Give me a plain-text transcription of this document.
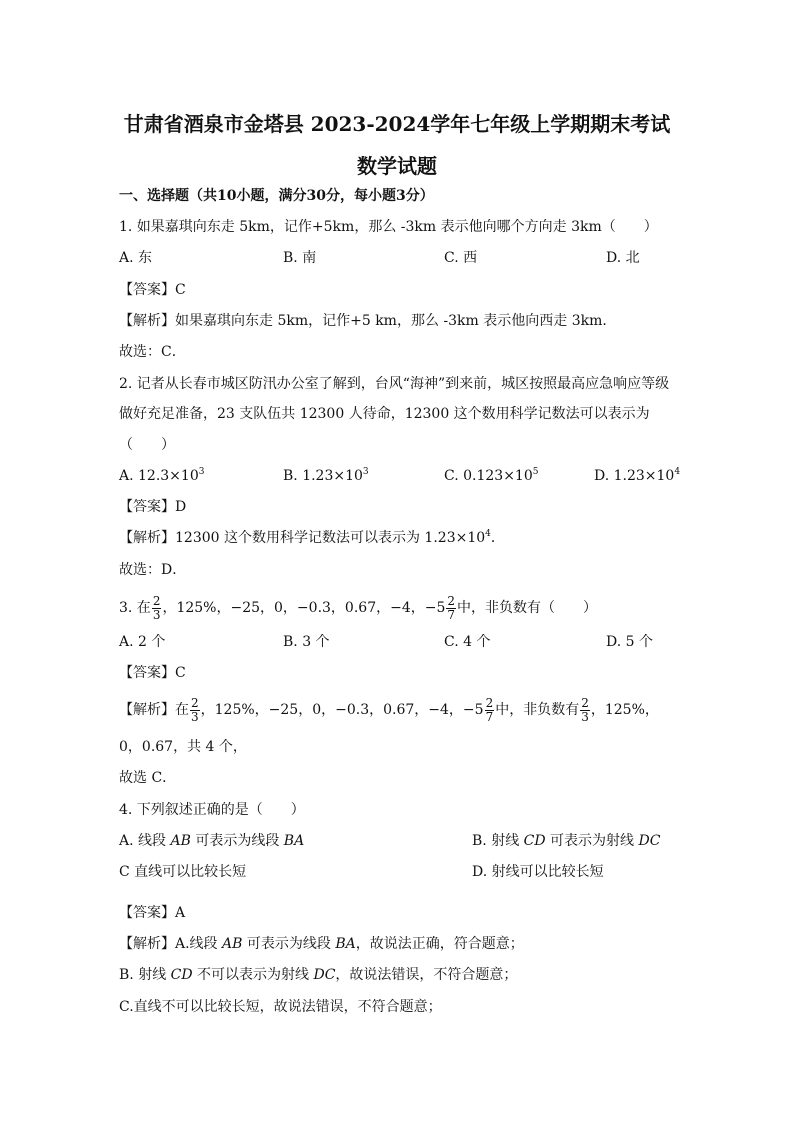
甘肃省酒泉市金塔县 2023-2024学年七年级上学期期末考试
数学试题
一、选择题（共10小题，满分30分，每小题3分）
1. 如果嘉琪向东走 5km，记作+5km，那么 -3km 表示他向哪个方向走 3km（　　）
A. 东	B. 南	C. 西	D. 北
【答案】C
【解析】如果嘉琪向东走 5km，记作+5 km，那么 -3km 表示他向西走 3km．
故选：C．
2. 记者从长春市城区防汛办公室了解到，台风“海神”到来前，城区按照最高应急响应等级
做好充足准备，23 支队伍共 12300 人待命，12300 这个数用科学记数法可以表示为
（　　）
A. $12.3\times 10^3$	B. $1.23\times 10^3$	C. $0.123\times 10^5$	D. $1.23\times 10^4$
【答案】D
【解析】12300 这个数用科学记数法可以表示为 $1.23\times 10^4$．
故选：D．
3. 在 $\frac{2}{3}$ ，125%，−25，0，−0.3，0.67，−4，$-5 \frac{2}{7}$ 中，非负数有（　　）
A. 2 个	B. 3 个	C. 4 个	D. 5 个
【答案】C
【解析】在 $\frac{2}{3}$ ，125%，−25，0，−0.3，0.67，−4，$-5 \frac{2}{7}$ 中，非负数有 $\frac{2}{3}$ ，125%，
0，0.67，共 4 个，
故选 C．
4. 下列叙述正确的是（　　）
A. 线段 AB 可表示为线段 BA	B. 射线 CD 可表示为射线 DC
C 直线可以比较长短	D. 射线可以比较长短
【答案】A
【解析】A.线段 AB 可表示为线段 BA，故说法正确，符合题意；
B. 射线 CD 不可以表示为射线 DC，故说法错误，不符合题意；
C.直线不可以比较长短，故说法错误，不符合题意；
